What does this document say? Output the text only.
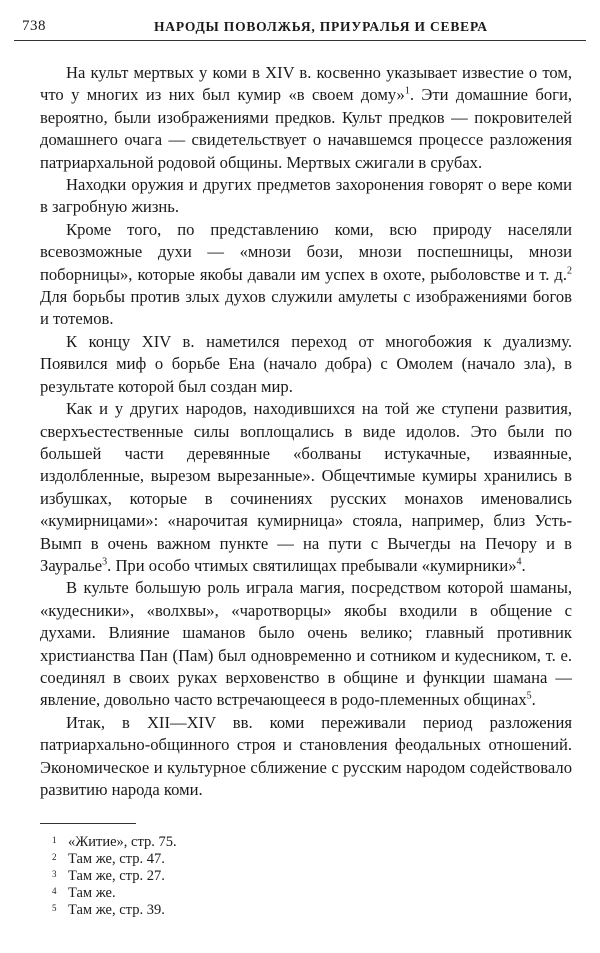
738	НАРОДЫ ПОВОЛЖЬЯ, ПРИУРАЛЬЯ И СЕВЕРА

На культ мертвых у коми в XIV в. косвенно указывает известие о том, что у многих из них был кумир «в своем дому»$^1$. Эти домашние боги, вероятно, были изображениями предков. Культ предков — покровителей домашнего очага — свидетельствует о начавшемся процессе разложения патриархальной родовой общины. Мертвых сжигали в срубах.

Находки оружия и других предметов захоронения говорят о вере коми в загробную жизнь.

Кроме того, по представлению коми, всю природу населяли всевозможные духи — «мнози бози, мнози поспешницы, мнози поборницы», которые якобы давали им успех в охоте, рыболовстве и т. д.$^2$ Для борьбы против злых духов служили амулеты с изображениями богов и тотемов.

К концу XIV в. наметился переход от многобожия к дуализму. Появился миф о борьбе Ена (начало добра) с Омолем (начало зла), в результате которой был создан мир.

Как и у других народов, находившихся на той же ступени развития, сверхъестественные силы воплощались в виде идолов. Это были по большей части деревянные «болваны истукачные, изваянные, издолбленные, вырезом вырезанные». Общечтимые кумиры хранились в избушках, которые в сочинениях русских монахов именовались «кумирницами»: «нарочитая кумирница» стояла, например, близ Усть-Вымп в очень важном пункте — на пути с Вычегды на Печору и в Зауралье$^3$. При особо чтимых святилищах пребывали «кумирники»$^4$.

В культе большую роль играла магия, посредством которой шаманы, «кудесники», «волхвы», «чаротворцы» якобы входили в общение с духами. Влияние шаманов было очень велико; главный противник христианства Пан (Пам) был одновременно и сотником и кудесником, т. е. соединял в своих руках верховенство в общине и функции шамана — явление, довольно часто встречающееся в родо-племенных общинах$^5$.

Итак, в XII—XIV вв. коми переживали период разложения патриархально-общинного строя и становления феодальных отношений. Экономическое и культурное сближение с русским народом содействовало развитию народа коми.

1 «Житие», стр. 75.

2 Там же, стр. 47.

3 Там же, стр. 27.

4 Там же.

5 Там же, стр. 39.
